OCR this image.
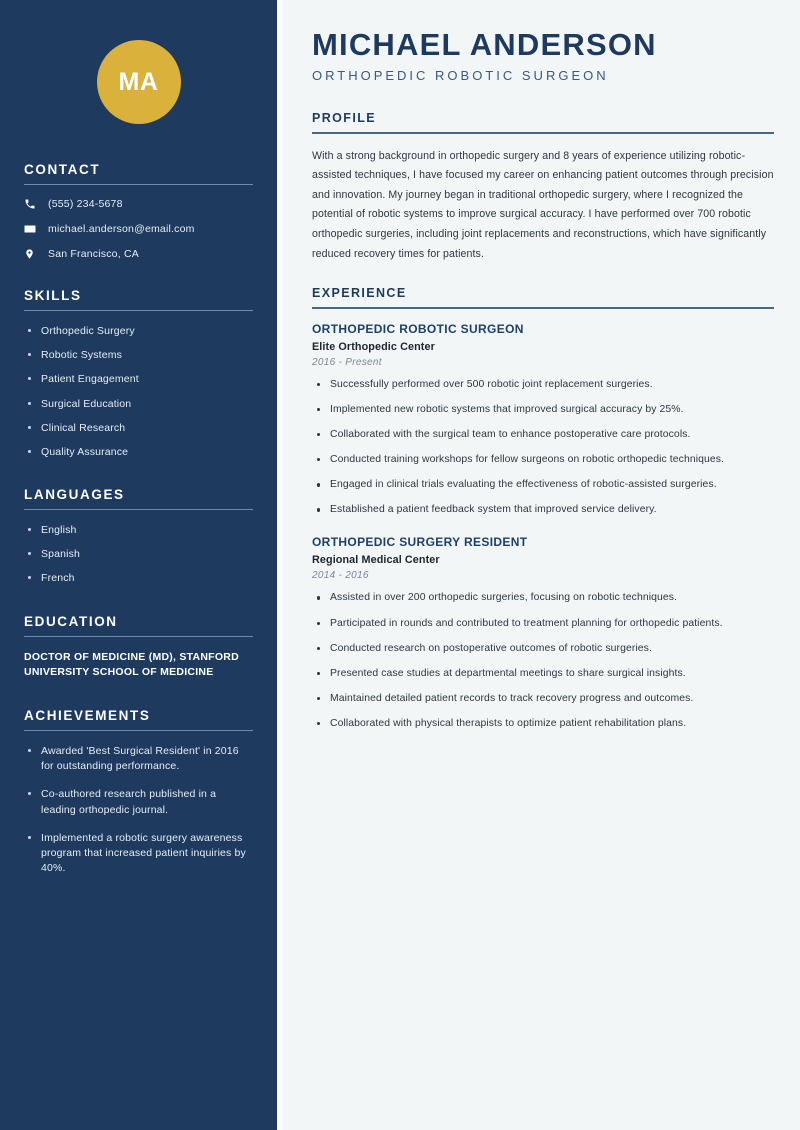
MA
CONTACT
(555) 234-5678
michael.anderson@email.com
San Francisco, CA
SKILLS
Orthopedic Surgery
Robotic Systems
Patient Engagement
Surgical Education
Clinical Research
Quality Assurance
LANGUAGES
English
Spanish
French
EDUCATION
DOCTOR OF MEDICINE (MD), STANFORD UNIVERSITY SCHOOL OF MEDICINE
ACHIEVEMENTS
Awarded 'Best Surgical Resident' in 2016 for outstanding performance.
Co-authored research published in a leading orthopedic journal.
Implemented a robotic surgery awareness program that increased patient inquiries by 40%.
MICHAEL ANDERSON
ORTHOPEDIC ROBOTIC SURGEON
PROFILE

With a strong background in orthopedic surgery and 8 years of experience utilizing robotic-assisted techniques, I have focused my career on enhancing patient outcomes through precision and innovation. My journey began in traditional orthopedic surgery, where I recognized the potential of robotic systems to improve surgical accuracy. I have performed over 700 robotic orthopedic surgeries, including joint replacements and reconstructions, which have significantly reduced recovery times for patients.

EXPERIENCE
ORTHOPEDIC ROBOTIC SURGEON
Elite Orthopedic Center
2016 - Present
Successfully performed over 500 robotic joint replacement surgeries.
Implemented new robotic systems that improved surgical accuracy by 25%.
Collaborated with the surgical team to enhance postoperative care protocols.
Conducted training workshops for fellow surgeons on robotic orthopedic techniques.
Engaged in clinical trials evaluating the effectiveness of robotic-assisted surgeries.
Established a patient feedback system that improved service delivery.
ORTHOPEDIC SURGERY RESIDENT
Regional Medical Center
2014 - 2016
Assisted in over 200 orthopedic surgeries, focusing on robotic techniques.
Participated in rounds and contributed to treatment planning for orthopedic patients.
Conducted research on postoperative outcomes of robotic surgeries.
Presented case studies at departmental meetings to share surgical insights.
Maintained detailed patient records to track recovery progress and outcomes.
Collaborated with physical therapists to optimize patient rehabilitation plans.
